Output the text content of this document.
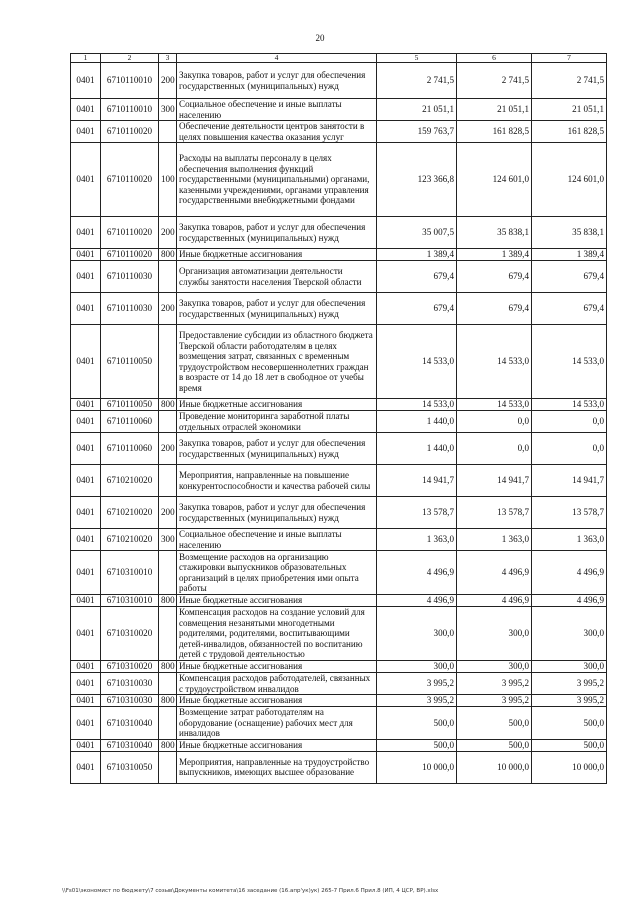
20
1	2	3	4	5	6	7
0401	6710110010	200	Закупка товаров, работ и услуг для обеспечения государственных (муниципальных) нужд	2 741,5	2 741,5	2 741,5
0401	6710110010	300	Социальное обеспечение и иные выплаты населению	21 051,1	21 051,1	21 051,1
0401	6710110020		Обеспечение деятельности центров занятости в целях повышения качества оказания услуг	159 763,7	161 828,5	161 828,5
0401	6710110020	100	Расходы на выплаты персоналу в целях обеспечения выполнения функций государственными (муниципальными) органами, казенными учреждениями, органами управления государственными внебюджетными фондами	123 366,8	124 601,0	124 601,0
0401	6710110020	200	Закупка товаров, работ и услуг для обеспечения государственных (муниципальных) нужд	35 007,5	35 838,1	35 838,1
0401	6710110020	800	Иные бюджетные ассигнования	1 389,4	1 389,4	1 389,4
0401	6710110030		Организация автоматизации деятельности службы занятости населения Тверской области	679,4	679,4	679,4
0401	6710110030	200	Закупка товаров, работ и услуг для обеспечения государственных (муниципальных) нужд	679,4	679,4	679,4
0401	6710110050		Предоставление субсидии из областного бюджета Тверской области работодателям в целях возмещения затрат, связанных с временным трудоустройством несовершеннолетних граждан в возрасте от 14 до 18 лет в свободное от учебы время	14 533,0	14 533,0	14 533,0
0401	6710110050	800	Иные бюджетные ассигнования	14 533,0	14 533,0	14 533,0
0401	6710110060		Проведение мониторинга заработной платы отдельных отраслей экономики	1 440,0	0,0	0,0
0401	6710110060	200	Закупка товаров, работ и услуг для обеспечения государственных (муниципальных) нужд	1 440,0	0,0	0,0
0401	6710210020		Мероприятия, направленные на повышение конкурентоспособности и качества рабочей силы	14 941,7	14 941,7	14 941,7
0401	6710210020	200	Закупка товаров, работ и услуг для обеспечения государственных (муниципальных) нужд	13 578,7	13 578,7	13 578,7
0401	6710210020	300	Социальное обеспечение и иные выплаты населению	1 363,0	1 363,0	1 363,0
0401	6710310010		Возмещение расходов на организацию стажировки выпускников образовательных организаций в целях приобретения ими опыта работы	4 496,9	4 496,9	4 496,9
0401	6710310010	800	Иные бюджетные ассигнования	4 496,9	4 496,9	4 496,9
0401	6710310020		Компенсация расходов на создание условий для совмещения незанятыми многодетными родителями, родителями, воспитывающими детей-инвалидов, обязанностей по воспитанию детей с трудовой деятельностью	300,0	300,0	300,0
0401	6710310020	800	Иные бюджетные ассигнования	300,0	300,0	300,0
0401	6710310030		Компенсация расходов работодателей, связанных с трудоустройством инвалидов	3 995,2	3 995,2	3 995,2
0401	6710310030	800	Иные бюджетные ассигнования	3 995,2	3 995,2	3 995,2
0401	6710310040		Возмещение затрат работодателям на оборудование (оснащение) рабочих мест для инвалидов	500,0	500,0	500,0
0401	6710310040	800	Иные бюджетные ассигнования	500,0	500,0	500,0
0401	6710310050		Мероприятия, направленные на трудоустройство выпускников, имеющих высшее образование	10 000,0	10 000,0	10 000,0
\\Fs01\экономист по бюджету\7 созыв\Документы комитета\16 заседание (16.апр'ук)ук) 265-7 Прил.6 Прил.8 (ИП, 4 ЦСР, ВР).xlsx
